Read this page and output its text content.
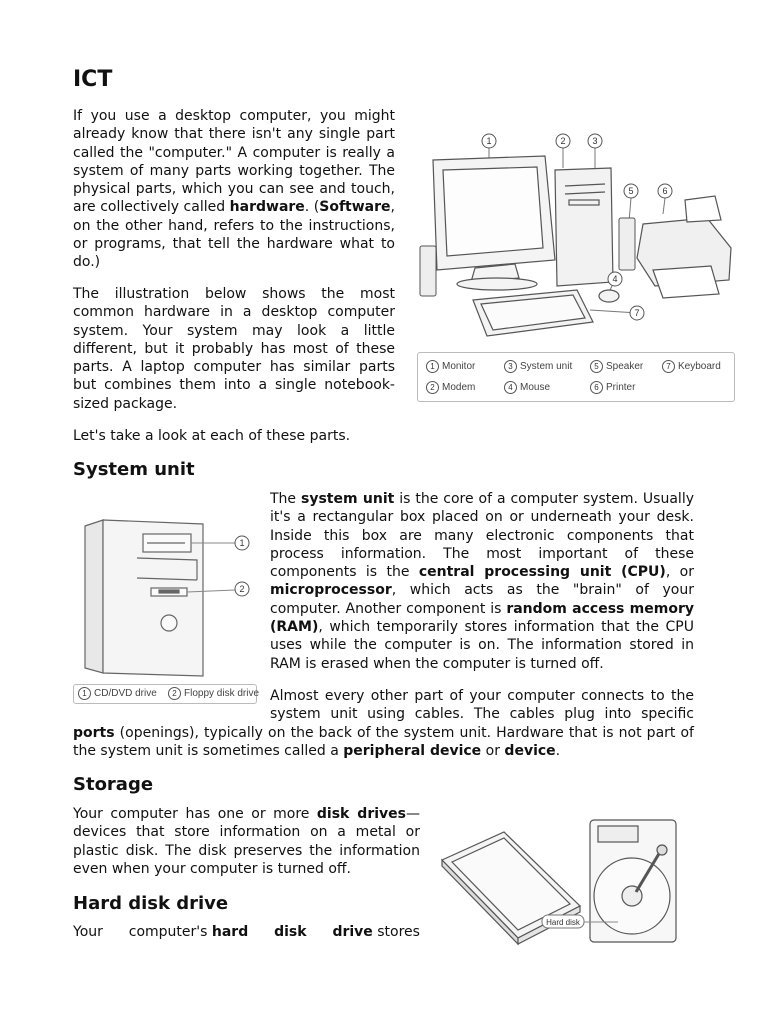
ICT

If you use a desktop computer, you might already know that there isn't any single part called the "computer." A computer is really a system of many parts working together. The physical parts, which you can see and touch, are collectively called hardware. (Software, on the other hand, refers to the instructions, or programs, that tell the hardware what to do.)

The illustration below shows the most common hardware in a desktop computer system. Your system may look a little different, but it probably has most of these parts. A laptop computer has similar parts but combines them into a single notebook-sized package.

Let's take a look at each of these parts.

1	2	3
5	6
4
7
1 Monitor	3 System unit	5 Speaker	7 Keyboard
2 Modem	4 Mouse	6 Printer
System unit
1
2
1 CD/DVD drive	2 Floppy disk drive

The system unit is the core of a computer system. Usually it's a rectangular box placed on or underneath your desk. Inside this box are many electronic components that process information. The most important of these components is the central processing unit (CPU), or microprocessor, which acts as the "brain" of your computer. Another component is random access memory (RAM), which temporarily stores information that the CPU uses while the computer is on. The information stored in RAM is erased when the computer is turned off.

Almost every other part of your computer connects to the system unit using cables. The cables plug into specific ports (openings), typically on the back of the system unit. Hardware that is not part of the system unit is sometimes called a peripheral device or device.

Storage

Your computer has one or more disk drives— devices that store information on a metal or plastic disk. The disk preserves the information even when your computer is turned off.

Hard disk
Hard disk drive
Your computer's hard disk drive stores
